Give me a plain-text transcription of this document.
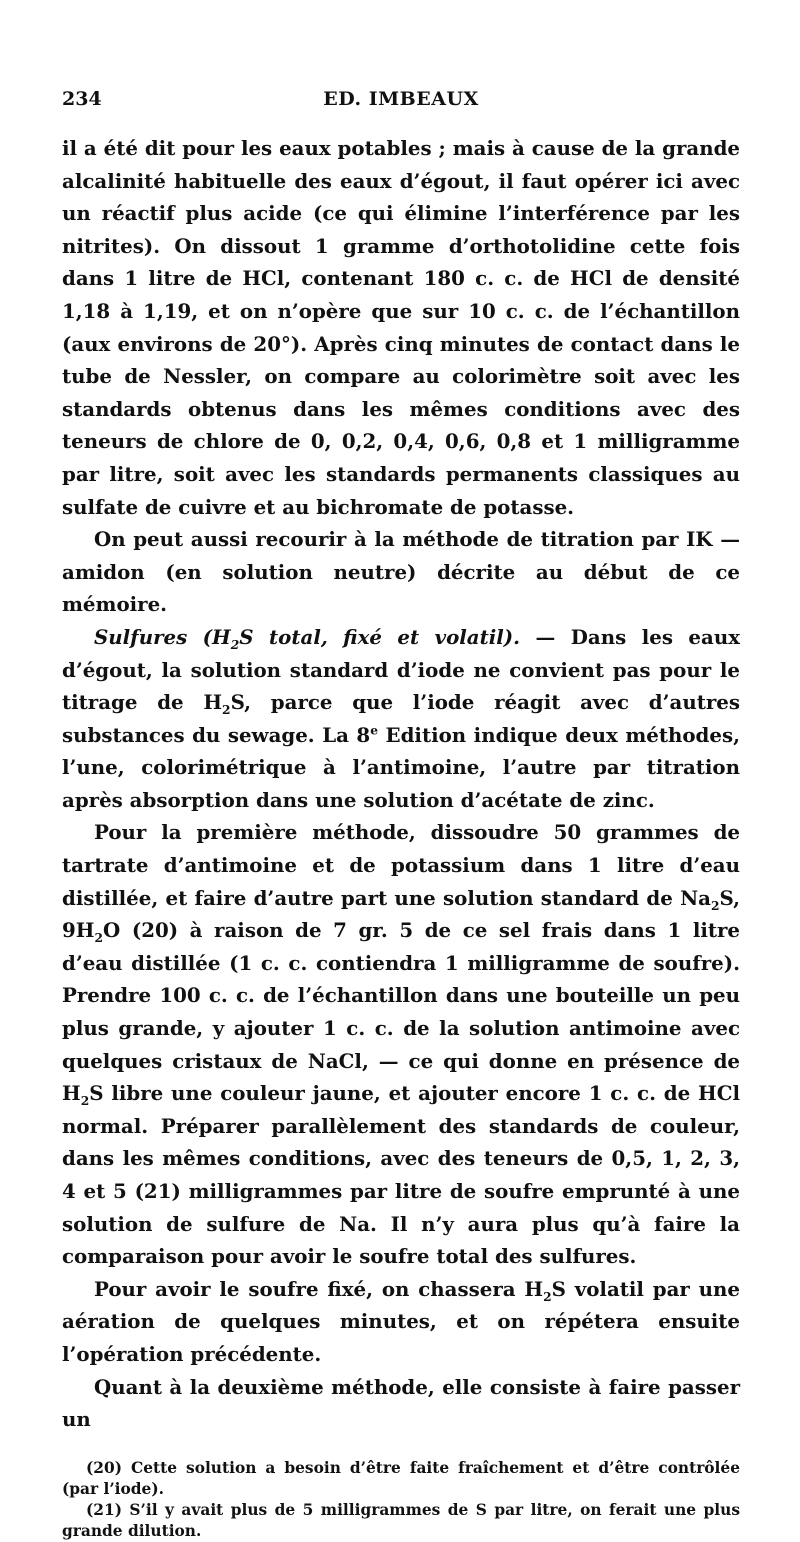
234	ED. IMBEAUX

il a été dit pour les eaux potables ; mais à cause de la grande alcalinité habituelle des eaux d’égout, il faut opérer ici avec un réactif plus acide (ce qui élimine l’interférence par les nitrites). On dissout 1 gramme d’orthotolidine cette fois dans 1 litre de HCl, contenant 180 c. c. de HCl de densité 1,18 à 1,19, et on n’opère que sur 10 c. c. de l’échantillon (aux environs de 20°). Après cinq minutes de contact dans le tube de Nessler, on compare au colorimètre soit avec les standards obtenus dans les mêmes conditions avec des teneurs de chlore de 0, 0,2, 0,4, 0,6, 0,8 et 1 milligramme par litre, soit avec les standards permanents classiques au sulfate de cuivre et au bichromate de potasse.

On peut aussi recourir à la méthode de titration par IK — amidon (en solution neutre) décrite au début de ce mémoire.

Sulfures ($H_2S$ total, fixé et volatil). — Dans les eaux d’égout, la solution standard d’iode ne convient pas pour le titrage de $H_2S$, parce que l’iode réagit avec d’autres substances du sewage. La 8e Edition indique deux méthodes, l’une, colorimétrique à l’antimoine, l’autre par titration après absorption dans une solution d’acétate de zinc.

Pour la première méthode, dissoudre 50 grammes de tartrate d’antimoine et de potassium dans 1 litre d’eau distillée, et faire d’autre part une solution standard de $Na_2S$, $9H_2O$ (20) à raison de 7 gr. 5 de ce sel frais dans 1 litre d’eau distillée (1 c. c. contiendra 1 milligramme de soufre). Prendre 100 c. c. de l’échantillon dans une bouteille un peu plus grande, y ajouter 1 c. c. de la solution antimoine avec quelques cristaux de NaCl, — ce qui donne en présence de $H_2S$ libre une couleur jaune, et ajouter encore 1 c. c. de HCl normal. Préparer parallèlement des standards de couleur, dans les mêmes conditions, avec des teneurs de 0,5, 1, 2, 3, 4 et 5 (21) milligrammes par litre de soufre emprunté à une solution de sulfure de Na. Il n’y aura plus qu’à faire la comparaison pour avoir le soufre total des sulfures.

Pour avoir le soufre fixé, on chassera $H_2S$ volatil par une aération de quelques minutes, et on répétera ensuite l’opération précédente.

Quant à la deuxième méthode, elle consiste à faire passer un

(20) Cette solution a besoin d’être faite fraîchement et d’être contrôlée (par l’iode).

(21) S’il y avait plus de 5 milligrammes de S par litre, on ferait une plus grande dilution.
